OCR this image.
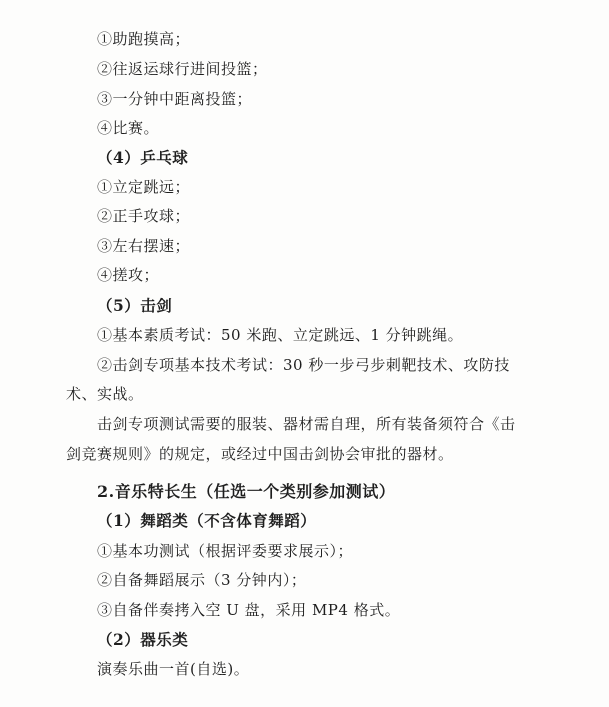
①助跑摸高；
②往返运球行进间投篮；
③一分钟中距离投篮；
④比赛。
（4）乒乓球
①立定跳远；
②正手攻球；
③左右摆速；
④搓攻；
（5）击剑
①基本素质考试：50 米跑、立定跳远、1 分钟跳绳。
②击剑专项基本技术考试：30 秒一步弓步刺靶技术、攻防技
术、实战。
击剑专项测试需要的服装、器材需自理，所有装备须符合《击
剑竞赛规则》的规定，或经过中国击剑协会审批的器材。
2.音乐特长生（任选一个类别参加测试）
（1）舞蹈类（不含体育舞蹈）
①基本功测试（根据评委要求展示）；
②自备舞蹈展示（3 分钟内）；
③自备伴奏拷入空 U 盘，采用 MP4 格式。
（2）器乐类
演奏乐曲一首(自选)。
